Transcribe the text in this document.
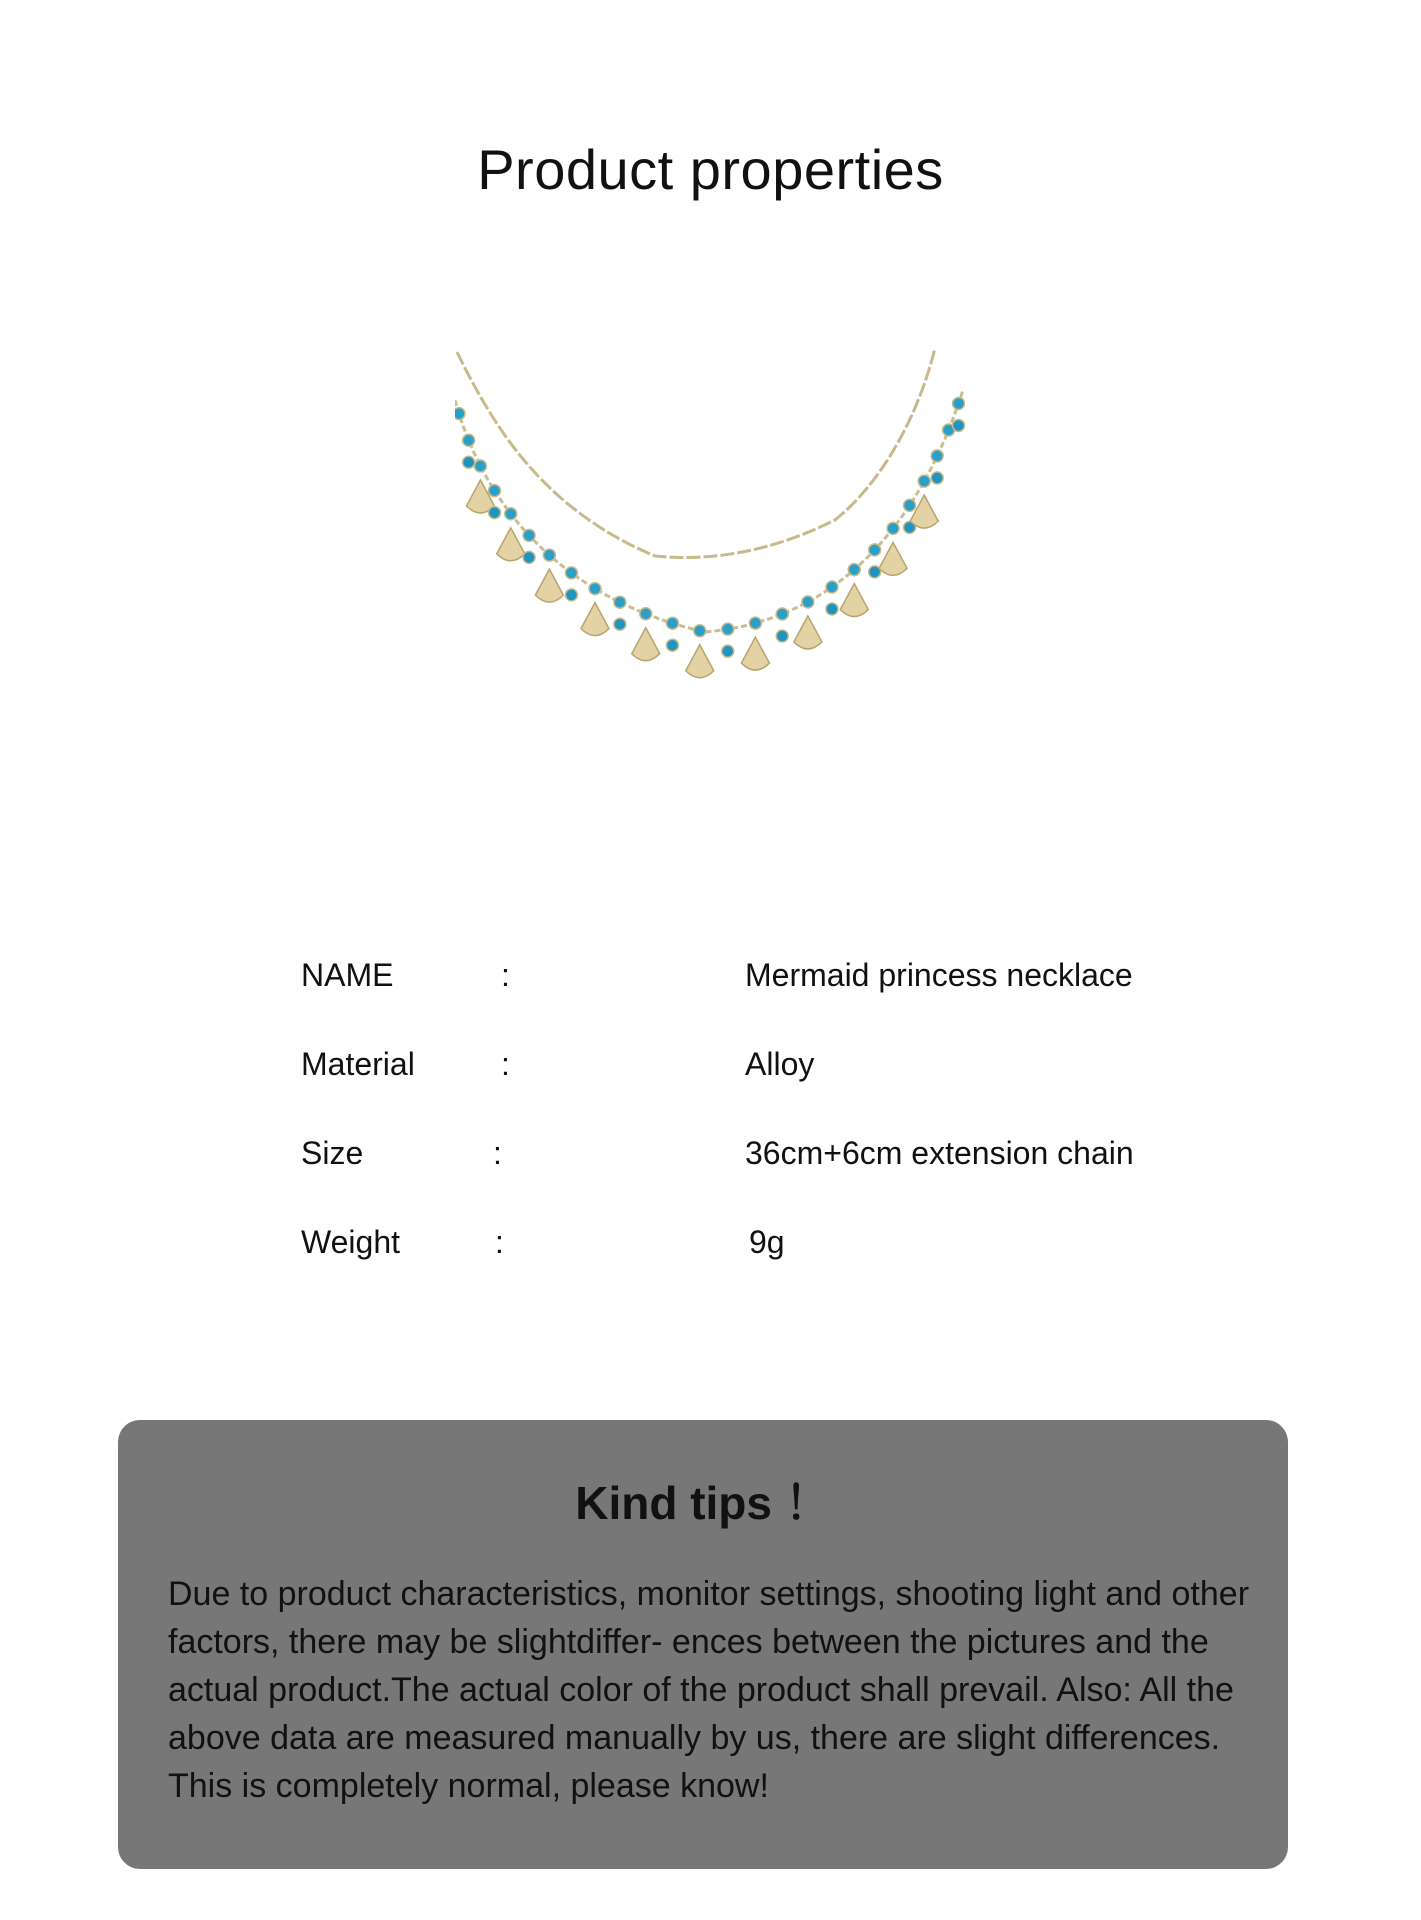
Product properties
NAME	:	Mermaid princess necklace
Material	:	Alloy
Size	:	36cm+6cm extension chain
Weight	:	9g
Kind tips ！

Due to product characteristics, monitor settings, shooting light and other factors, there may be slightdiffer- ences between the pictures and the actual product.The actual color of the product shall prevail. Also: All the above data are measured manually by us, there are slight differences. This is completely normal, please know!
